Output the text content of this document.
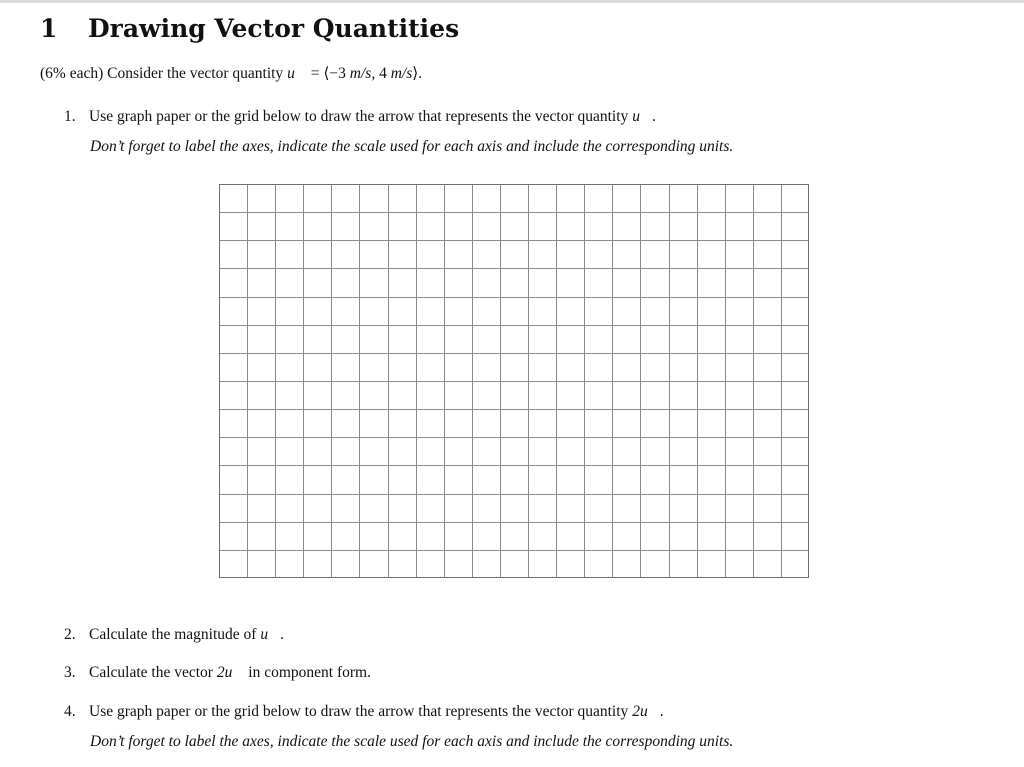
1 Drawing Vector Quantities
(6% each) Consider the vector quantity u⃗ = ⟨−3 m/s, 4 m/s⟩.
1. Use graph paper or the grid below to draw the arrow that represents the vector quantity u⃗.
Don’t forget to label the axes, indicate the scale used for each axis and include the corresponding units.
2. Calculate the magnitude of u⃗.
3. Calculate the vector 2u⃗ in component form.
4. Use graph paper or the grid below to draw the arrow that represents the vector quantity 2u⃗.
Don’t forget to label the axes, indicate the scale used for each axis and include the corresponding units.
